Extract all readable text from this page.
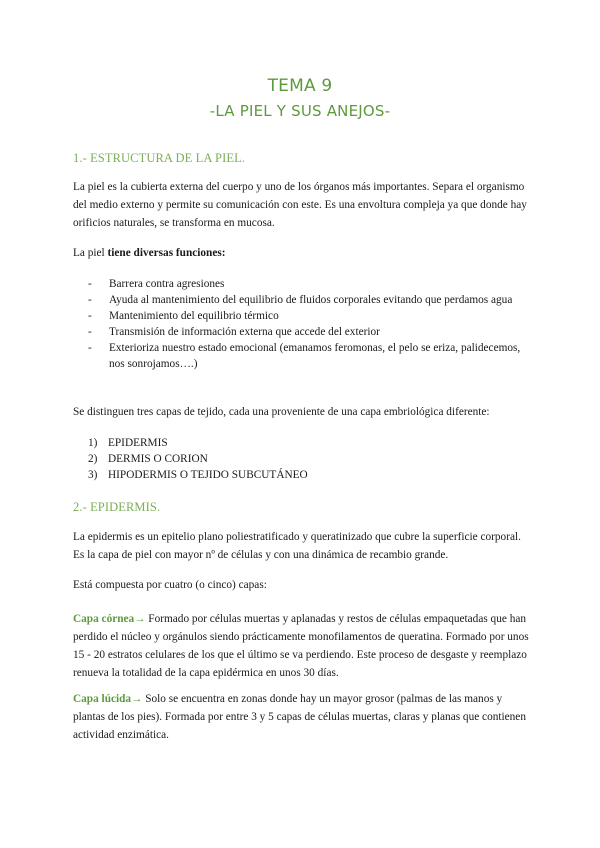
TEMA 9
-LA PIEL Y SUS ANEJOS-
1.- ESTRUCTURA DE LA PIEL.
La piel es la cubierta externa del cuerpo y uno de los órganos más importantes. Separa el organismo del medio externo y permite su comunicación con este. Es una envoltura compleja ya que donde hay orificios naturales, se transforma en mucosa.
La piel tiene diversas funciones:
- Barrera contra agresiones
- Ayuda al mantenimiento del equilibrio de fluidos corporales evitando que perdamos agua
- Mantenimiento del equilibrio térmico
- Transmisión de información externa que accede del exterior
- Exterioriza nuestro estado emocional (emanamos feromonas, el pelo se eriza, palidecemos, nos sonrojamos….)
Se distinguen tres capas de tejido, cada una proveniente de una capa embriológica diferente:
1) EPIDERMIS
2) DERMIS O CORION
3) HIPODERMIS O TEJIDO SUBCUTÁNEO
2.- EPIDERMIS.
La epidermis es un epitelio plano poliestratificado y queratinizado que cubre la superficie corporal. Es la capa de piel con mayor nº de células y con una dinámica de recambio grande.
Está compuesta por cuatro (o cinco) capas:
Capa córnea→ Formado por células muertas y aplanadas y restos de células empaquetadas que han perdido el núcleo y orgánulos siendo prácticamente monofilamentos de queratina. Formado por unos 15 - 20 estratos celulares de los que el último se va perdiendo. Este proceso de desgaste y reemplazo renueva la totalidad de la capa epidérmica en unos 30 días.
Capa lúcida→ Solo se encuentra en zonas donde hay un mayor grosor (palmas de las manos y plantas de los pies). Formada por entre 3 y 5 capas de células muertas, claras y planas que contienen actividad enzimática.
